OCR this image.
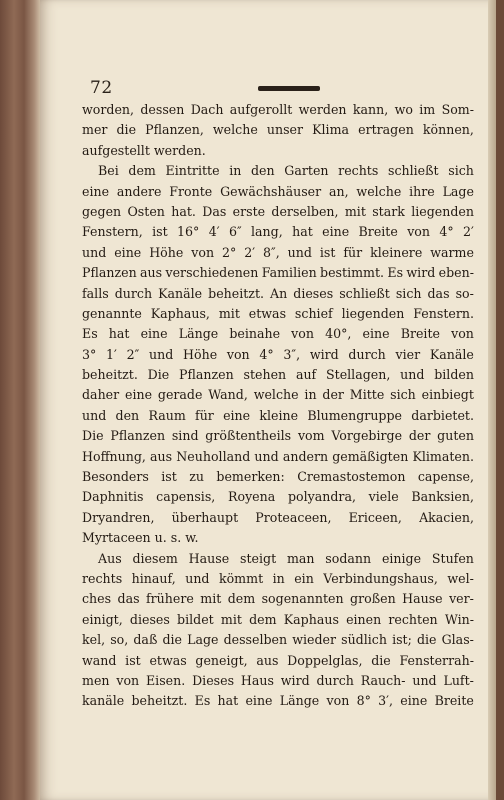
72
worden, dessen Dach aufgerollt werden kann, wo im Som-
mer die Pflanzen, welche unser Klima ertragen können,
aufgestellt werden.
Bei dem Eintritte in den Garten rechts schließt sich
eine andere Fronte Gewächshäuser an, welche ihre Lage
gegen Osten hat. Das erste derselben, mit stark liegenden
Fenstern, ist 16° 4′ 6″ lang, hat eine Breite von 4° 2′
und eine Höhe von 2° 2′ 8″, und ist für kleinere warme
Pflanzen aus verschiedenen Familien bestimmt. Es wird eben-
falls durch Kanäle beheitzt. An dieses schließt sich das so-
genannte Kaphaus, mit etwas schief liegenden Fenstern.
Es hat eine Länge beinahe von 40°, eine Breite von
3° 1′ 2″ und Höhe von 4° 3″, wird durch vier Kanäle
beheitzt. Die Pflanzen stehen auf Stellagen, und bilden
daher eine gerade Wand, welche in der Mitte sich einbiegt
und den Raum für eine kleine Blumengruppe darbietet.
Die Pflanzen sind größtentheils vom Vorgebirge der guten
Hoffnung, aus Neuholland und andern gemäßigten Klimaten.
Besonders ist zu bemerken: Cremastostemon capense,
Daphnitis capensis, Royena polyandra, viele Banksien,
Dryandren, überhaupt Proteaceen, Ericeen, Akacien,
Myrtaceen u. s. w.
Aus diesem Hause steigt man sodann einige Stufen
rechts hinauf, und kömmt in ein Verbindungshaus, wel-
ches das frühere mit dem sogenannten großen Hause ver-
einigt, dieses bildet mit dem Kaphaus einen rechten Win-
kel, so, daß die Lage desselben wieder südlich ist; die Glas-
wand ist etwas geneigt, aus Doppelglas, die Fensterrah-
men von Eisen. Dieses Haus wird durch Rauch- und Luft-
kanäle beheitzt. Es hat eine Länge von 8° 3′, eine Breite
